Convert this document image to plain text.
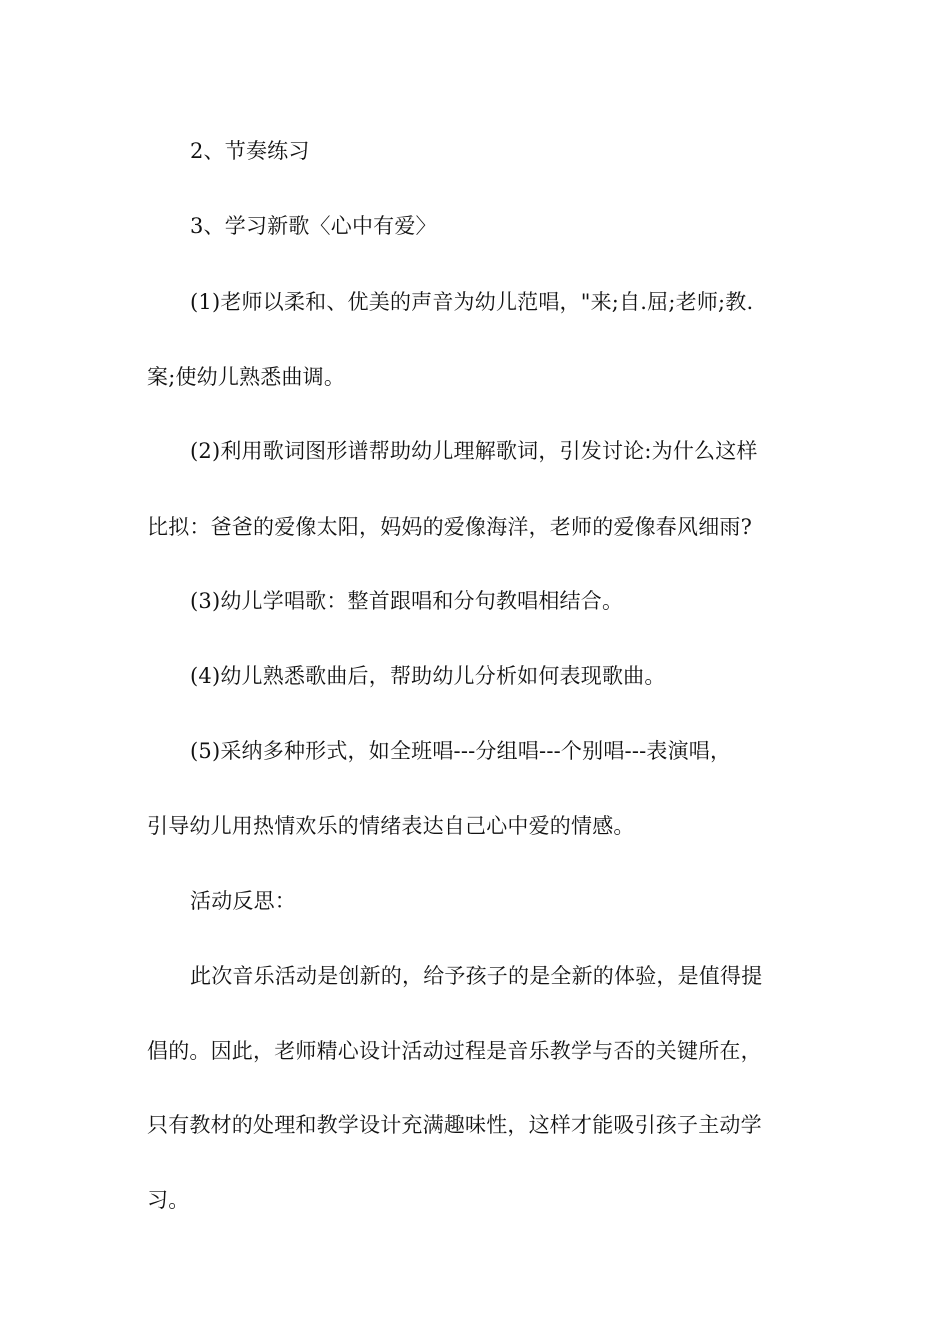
2、节奏练习
3、学习新歌〈心中有爱〉
(1)老师以柔和、优美的声音为幼儿范唱，"来;自.屈;老师;教.
案;使幼儿熟悉曲调。
(2)利用歌词图形谱帮助幼儿理解歌词，引发讨论:为什么这样
比拟：爸爸的爱像太阳，妈妈的爱像海洋，老师的爱像春风细雨?
(3)幼儿学唱歌：整首跟唱和分句教唱相结合。
(4)幼儿熟悉歌曲后，帮助幼儿分析如何表现歌曲。
(5)采纳多种形式，如全班唱---分组唱---个别唱---表演唱，
引导幼儿用热情欢乐的情绪表达自己心中爱的情感。
活动反思：
此次音乐活动是创新的，给予孩子的是全新的体验，是值得提
倡的。因此，老师精心设计活动过程是音乐教学与否的关键所在，
只有教材的处理和教学设计充满趣味性，这样才能吸引孩子主动学
习。
